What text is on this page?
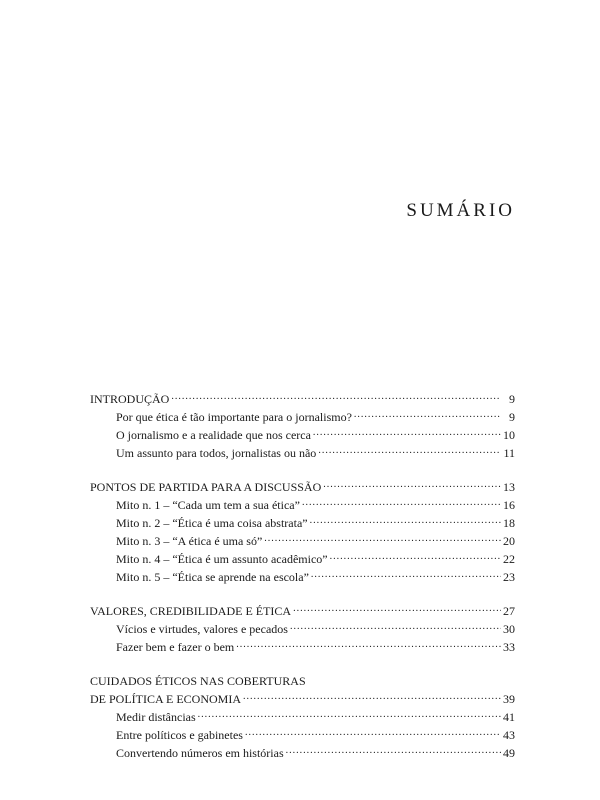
SUMÁRIO
INTRODUÇÃO .....	9
Por que ética é tão importante para o jornalismo? .....	9
O jornalismo e a realidade que nos cerca .....	10
Um assunto para todos, jornalistas ou não .....	11
PONTOS DE PARTIDA PARA A DISCUSSÃO .....	13
Mito n. 1 – “Cada um tem a sua ética” .....	16
Mito n. 2 – “Ética é uma coisa abstrata” .....	18
Mito n. 3 – “A ética é uma só” .....	20
Mito n. 4 – “Ética é um assunto acadêmico” .....	22
Mito n. 5 – “Ética se aprende na escola” .....	23
VALORES, CREDIBILIDADE E ÉTICA .....	27
Vícios e virtudes, valores e pecados .....	30
Fazer bem e fazer o bem .....	33
CUIDADOS ÉTICOS NAS COBERTURAS
DE POLÍTICA E ECONOMIA .....	39
Medir distâncias .....	41
Entre políticos e gabinetes .....	43
Convertendo números em histórias .....	49
